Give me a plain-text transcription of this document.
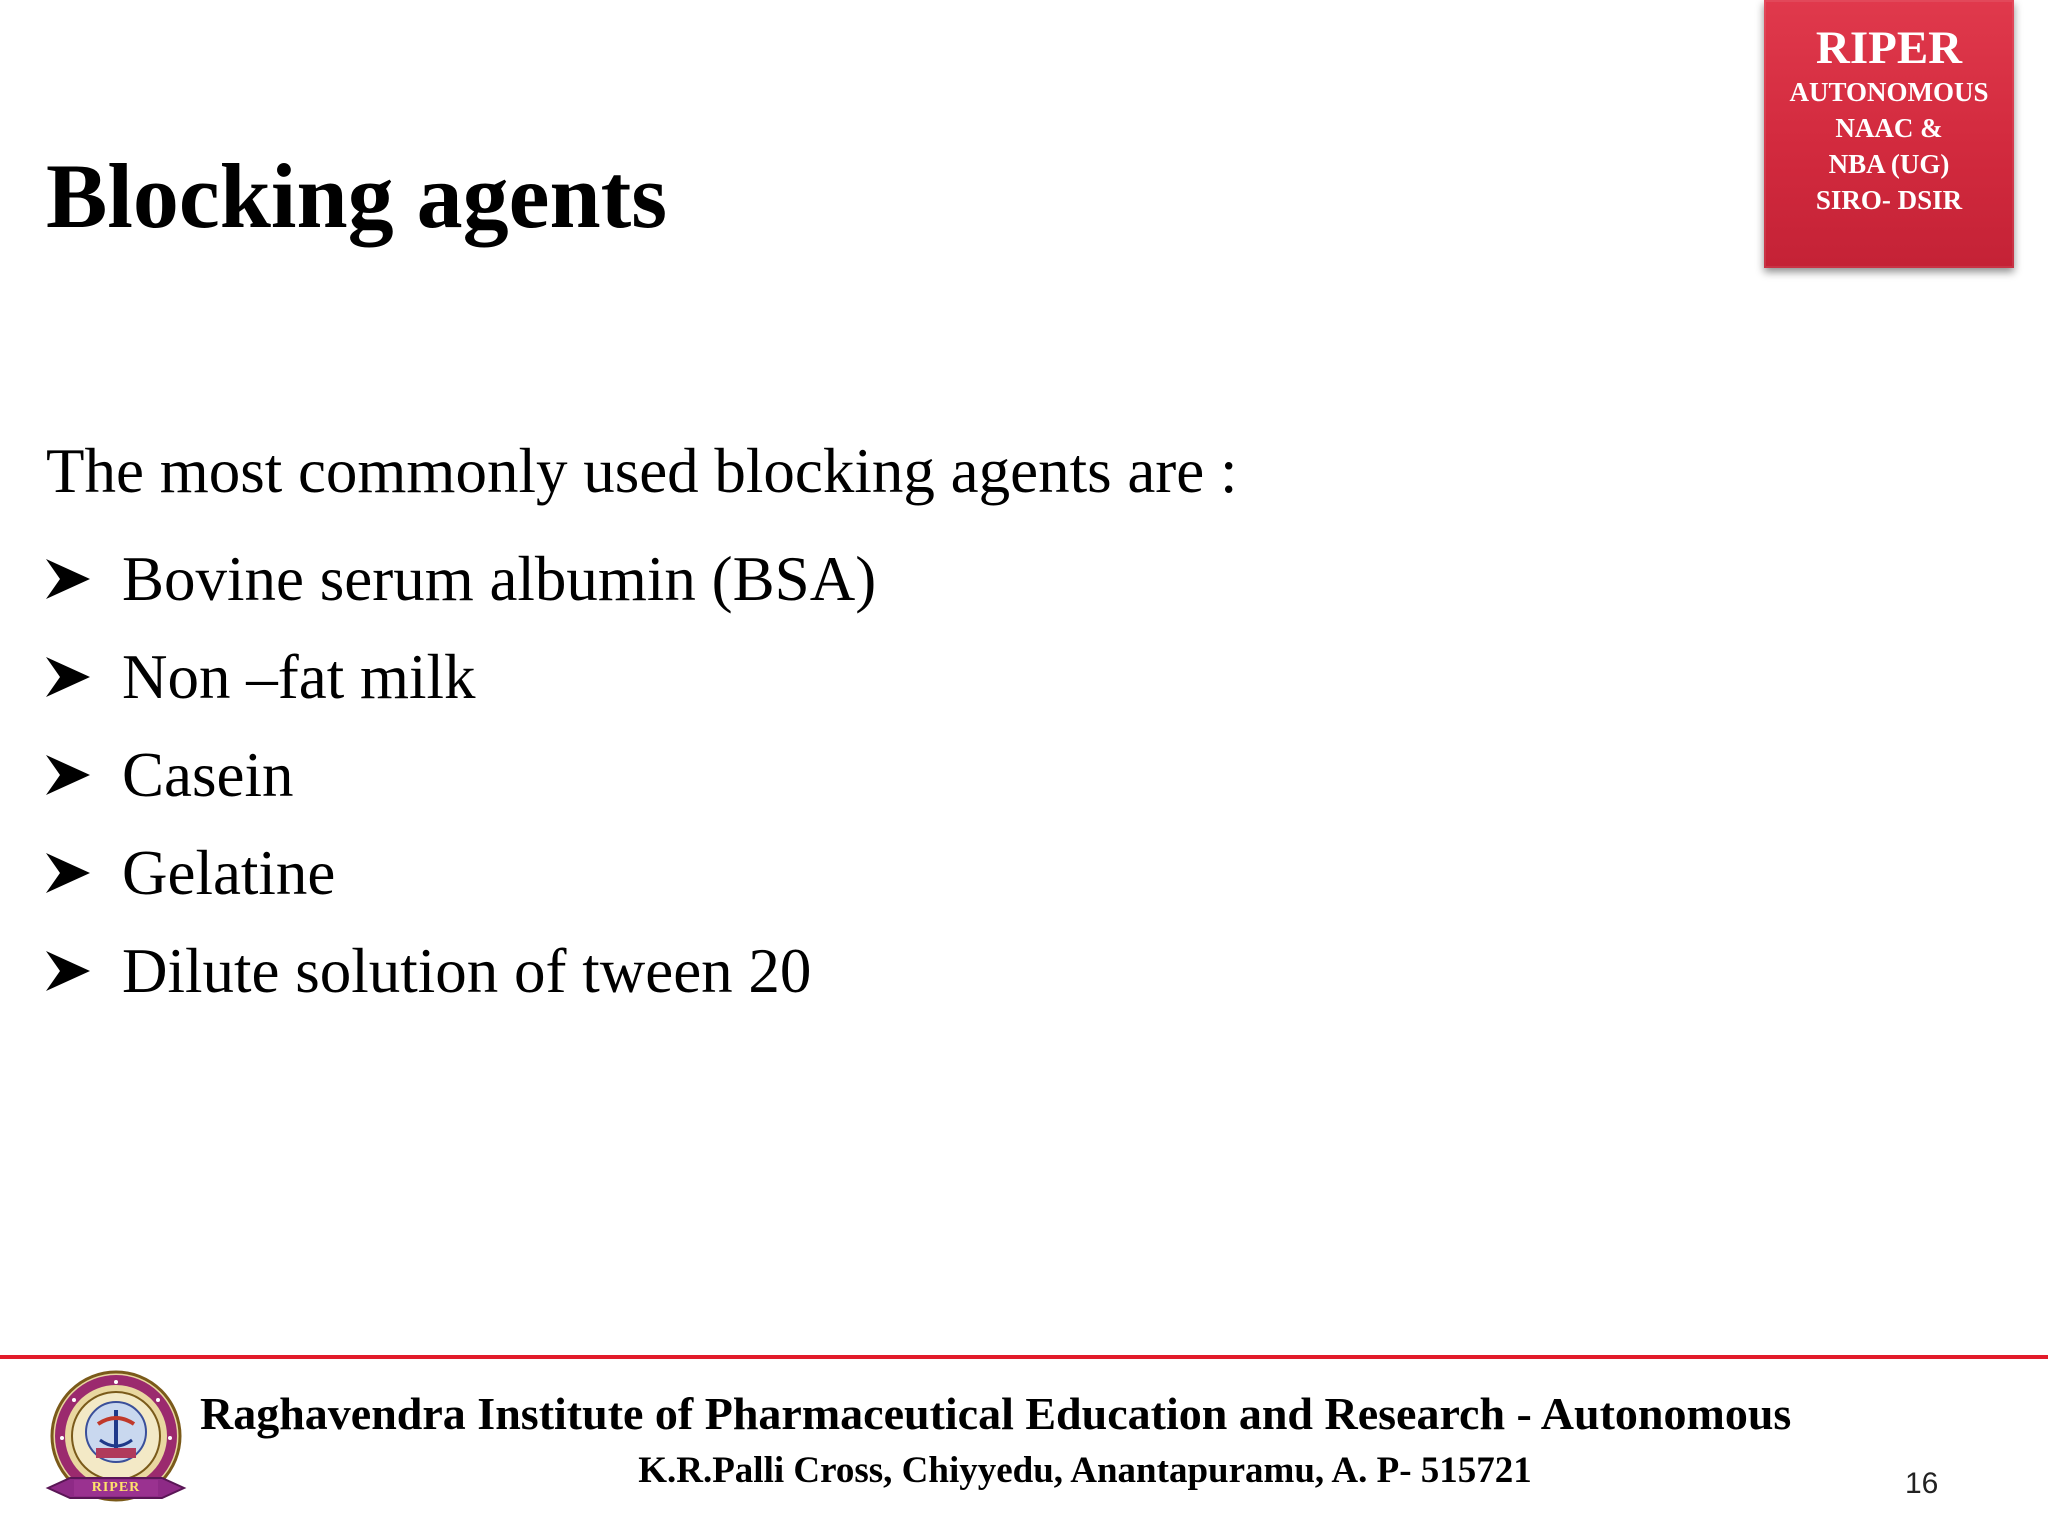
Blocking agents
RIPER
AUTONOMOUS
NAAC &
NBA (UG)
SIRO- DSIR

The most commonly used blocking agents are :

Bovine serum albumin (BSA)
Non –fat milk
Casein
Gelatine
Dilute solution of tween 20
RIPER
Raghavendra Institute of Pharmaceutical Education and Research - Autonomous
K.R.Palli Cross, Chiyyedu, Anantapuramu, A. P- 515721	16
